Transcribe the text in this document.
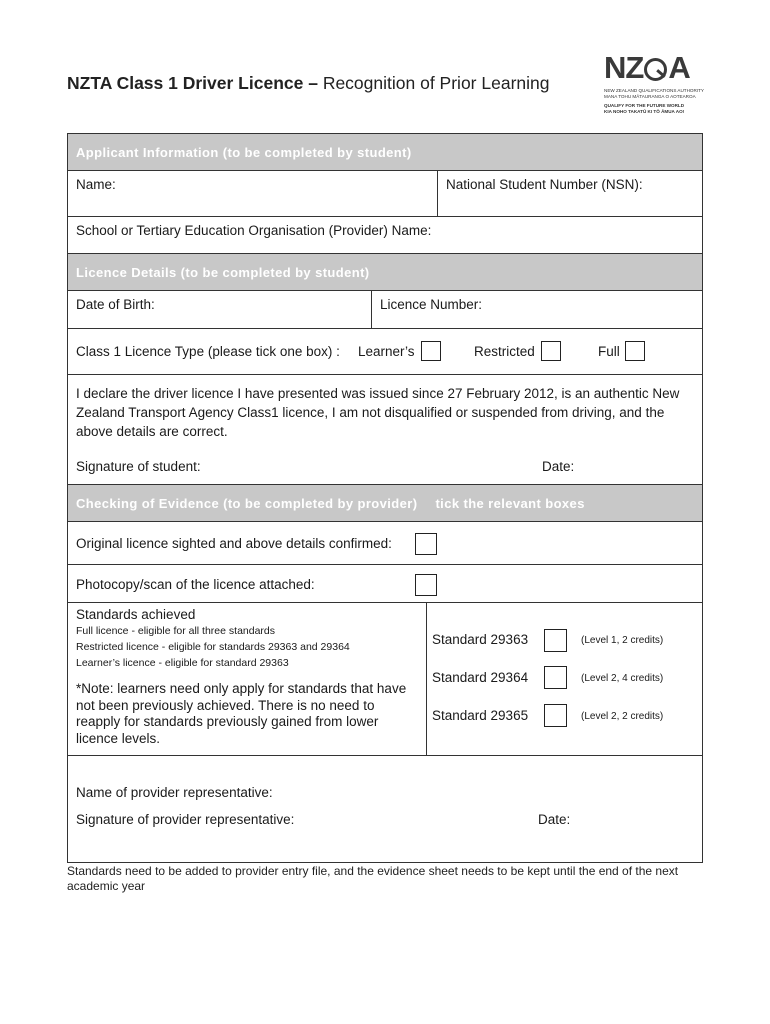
NZTA Class 1 Driver Licence – Recognition of Prior Learning NZ A
NEW ZEALAND QUALIFICATIONS AUTHORITY
MANA TOHU MĀTAURANGA O AOTEAROA
QUALIFY FOR THE FUTURE WORLD
KIA NOHO TAKATŪ KI TŌ ĀMUA AO!
Applicant Information (to be completed by student)
Name:	National Student Number (NSN):
School or Tertiary Education Organisation (Provider) Name:
Licence Details (to be completed by student)
Date of Birth:	Licence Number:
Class 1 Licence Type (please tick one box) : Learner’s	Restricted	Full
I declare the driver licence I have presented was issued since 27 February 2012, is an authentic New Zealand Transport Agency Class1 licence, I am not disqualified or suspended from driving, and the above details are correct.
Signature of student:	Date:
Checking of Evidence (to be completed by provider) tick the relevant boxes
Original licence sighted and above details confirmed:
Photocopy/scan of the licence attached:
Standards achieved
Full licence - eligible for all three standards
Restricted licence - eligible for standards 29363 and 29364
Learner’s licence - eligible for standard 29363
*Note: learners need only apply for standards that have not been previously achieved. There is no need to reapply for standards previously gained from lower licence levels.
Standard 29363	(Level 1, 2 credits)
Standard 29364	(Level 2, 4 credits)
Standard 29365	(Level 2, 2 credits)
Name of provider representative:
Signature of provider representative:	Date:
Standards need to be added to provider entry file, and the evidence sheet needs to be kept until the end of the next academic year
